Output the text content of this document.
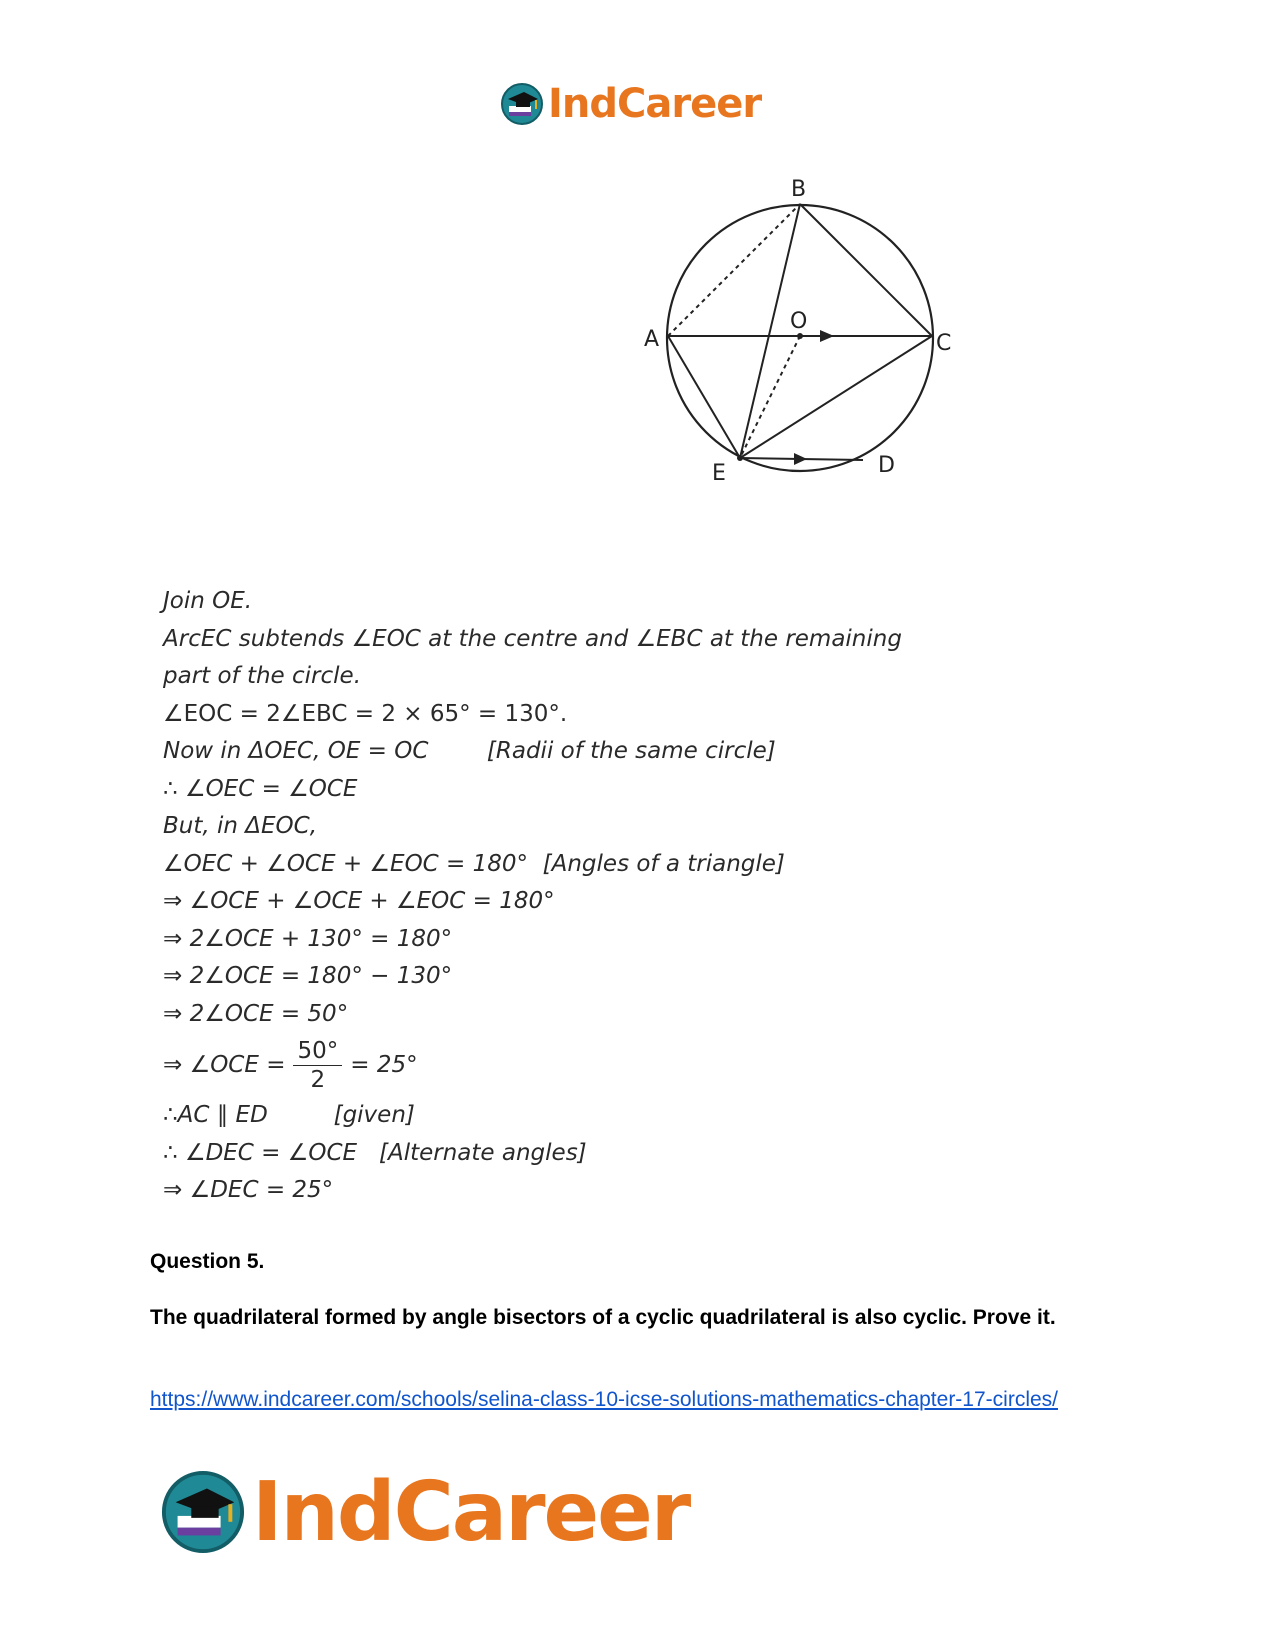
IndCareer
B
A	C
O
E	D
Join OE.
ArcEC subtends ∠EOC at the centre and ∠EBC at the remaining
part of the circle.
∠EOC = 2∠EBC = 2 × 65° = 130°.
Now in ΔOEC, OE = OC        [Radii of the same circle]
∴ ∠OEC = ∠OCE
But, in ΔEOC,
∠OEC + ∠OCE + ∠EOC = 180°  [Angles of a triangle]
⇒ ∠OCE + ∠OCE + ∠EOC = 180°
⇒ 2∠OCE + 130° = 180°
⇒ 2∠OCE = 180° − 130°
⇒ 2∠OCE = 50°
⇒ ∠OCE = $\frac{50^\circ}{2} = 25^\circ$
∴AC ∥ ED         [given]
∴ ∠DEC = ∠OCE   [Alternate angles]
⇒ ∠DEC = 25°
Question 5.
The quadrilateral formed by angle bisectors of a cyclic quadrilateral is also cyclic. Prove it.
https://www.indcareer.com/schools/selina-class-10-icse-solutions-mathematics-chapter-17-circles/
IndCareer
